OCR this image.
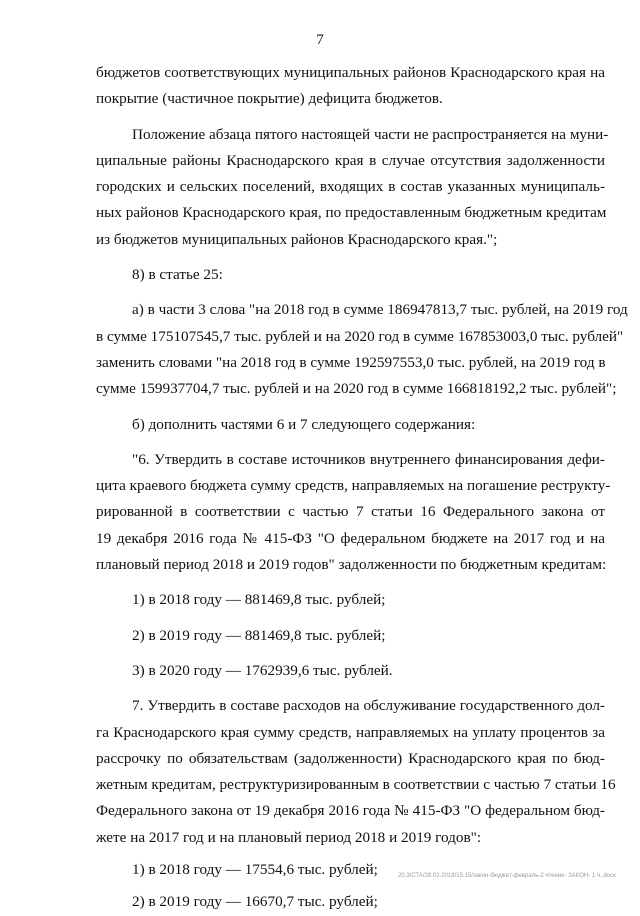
7

бюджетов соответствующих муниципальных районов Краснодарского края на
покрытие (частичное покрытие) дефицита бюджетов.

Положение абзаца пятого настоящей части не распространяется на муни-
ципальные районы Краснодарского края в случае отсутствия задолженности
городских и сельских поселений, входящих в состав указанных муниципаль-
ных районов Краснодарского края, по предоставленным бюджетным кредитам
из бюджетов муниципальных районов Краснодарского края.";

8) в статье 25:

а) в части 3 слова "на 2018 год в сумме 186947813,7 тыс. рублей, на 2019 год
в сумме 175107545,7 тыс. рублей и на 2020 год в сумме 167853003,0 тыс. рублей"
заменить словами "на 2018 год в сумме 192597553,0 тыс. рублей, на 2019 год в
сумме 159937704,7 тыс. рублей и на 2020 год в сумме 166818192,2 тыс. рублей";

б) дополнить частями 6 и 7 следующего содержания:

"6. Утвердить в составе источников внутреннего финансирования дефи-
цита краевого бюджета сумму средств, направляемых на погашение реструкту-
рированной в соответствии с частью 7 статьи 16 Федерального закона от
19 декабря 2016 года № 415-ФЗ "О федеральном бюджете на 2017 год и на
плановый период 2018 и 2019 годов" задолженности по бюджетным кредитам:

1) в 2018 году — 881469,8 тыс. рублей;

2) в 2019 году — 881469,8 тыс. рублей;

3) в 2020 году — 1762939,6 тыс. рублей.

7. Утвердить в составе расходов на обслуживание государственного дол-
га Краснодарского края сумму средств, направляемых на уплату процентов за
рассрочку по обязательствам (задолженности) Краснодарского края по бюд-
жетным кредитам, реструктуризированным в соответствии с частью 7 статьи 16
Федерального закона от 19 декабря 2016 года № 415-ФЗ "О федеральном бюд-
жете на 2017 год и на плановый период 2018 и 2019 годов":

1) в 2018 году — 17554,6 тыс. рублей;

2) в 2019 году — 16670,7 тыс. рублей;

20.3/СТА/28.02.2018/15.15/закон-бюджет-февраль-2 чтение- ЗАКОН- 1 ч..docx
